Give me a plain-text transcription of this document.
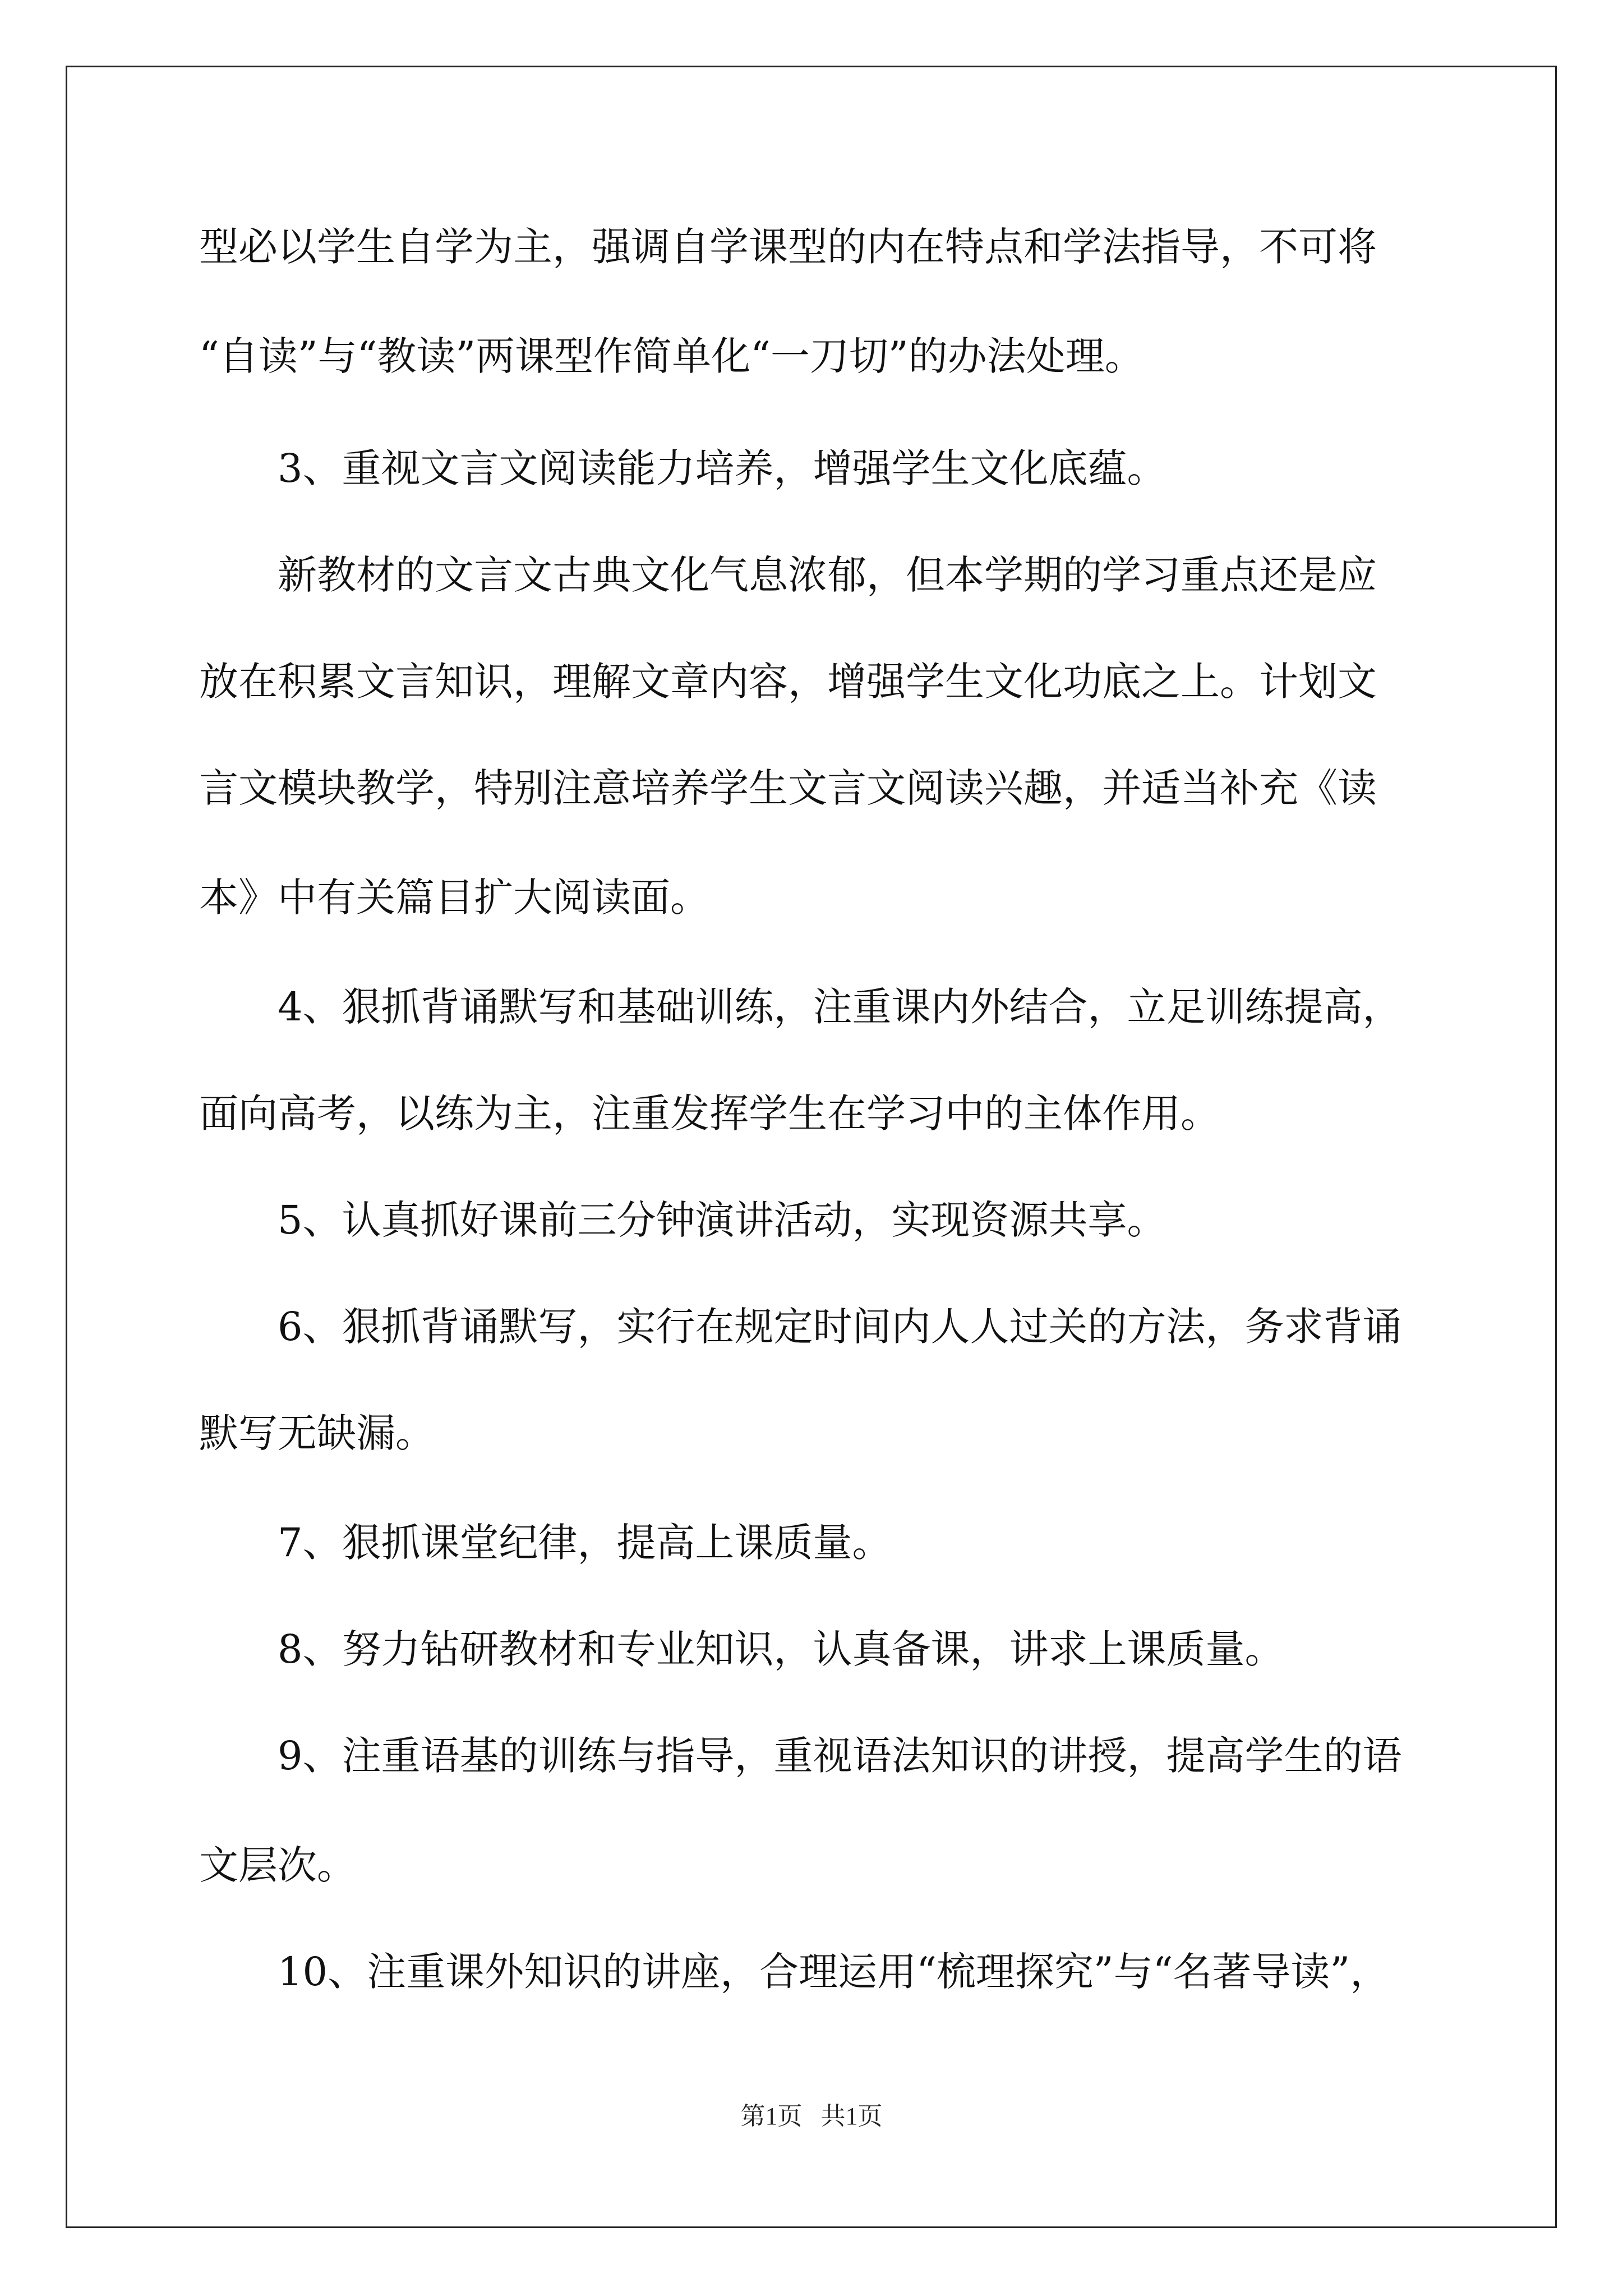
型必以学生自学为主，强调自学课型的内在特点和学法指导，不可将

“自读”与“教读”两课型作简单化“一刀切”的办法处理。

　　3、重视文言文阅读能力培养，增强学生文化底蕴。

　　新教材的文言文古典文化气息浓郁，但本学期的学习重点还是应

放在积累文言知识，理解文章内容，增强学生文化功底之上。计划文

言文模块教学，特别注意培养学生文言文阅读兴趣，并适当补充《读

本》中有关篇目扩大阅读面。

　　4、狠抓背诵默写和基础训练，注重课内外结合，立足训练提高，

面向高考，以练为主，注重发挥学生在学习中的主体作用。

　　5、认真抓好课前三分钟演讲活动，实现资源共享。

　　6、狠抓背诵默写，实行在规定时间内人人过关的方法，务求背诵

默写无缺漏。

　　7、狠抓课堂纪律，提高上课质量。

　　8、努力钻研教材和专业知识，认真备课，讲求上课质量。

　　9、注重语基的训练与指导，重视语法知识的讲授，提高学生的语

文层次。

　　10、注重课外知识的讲座，合理运用“梳理探究”与“名著导读”，

第1页   共1页
